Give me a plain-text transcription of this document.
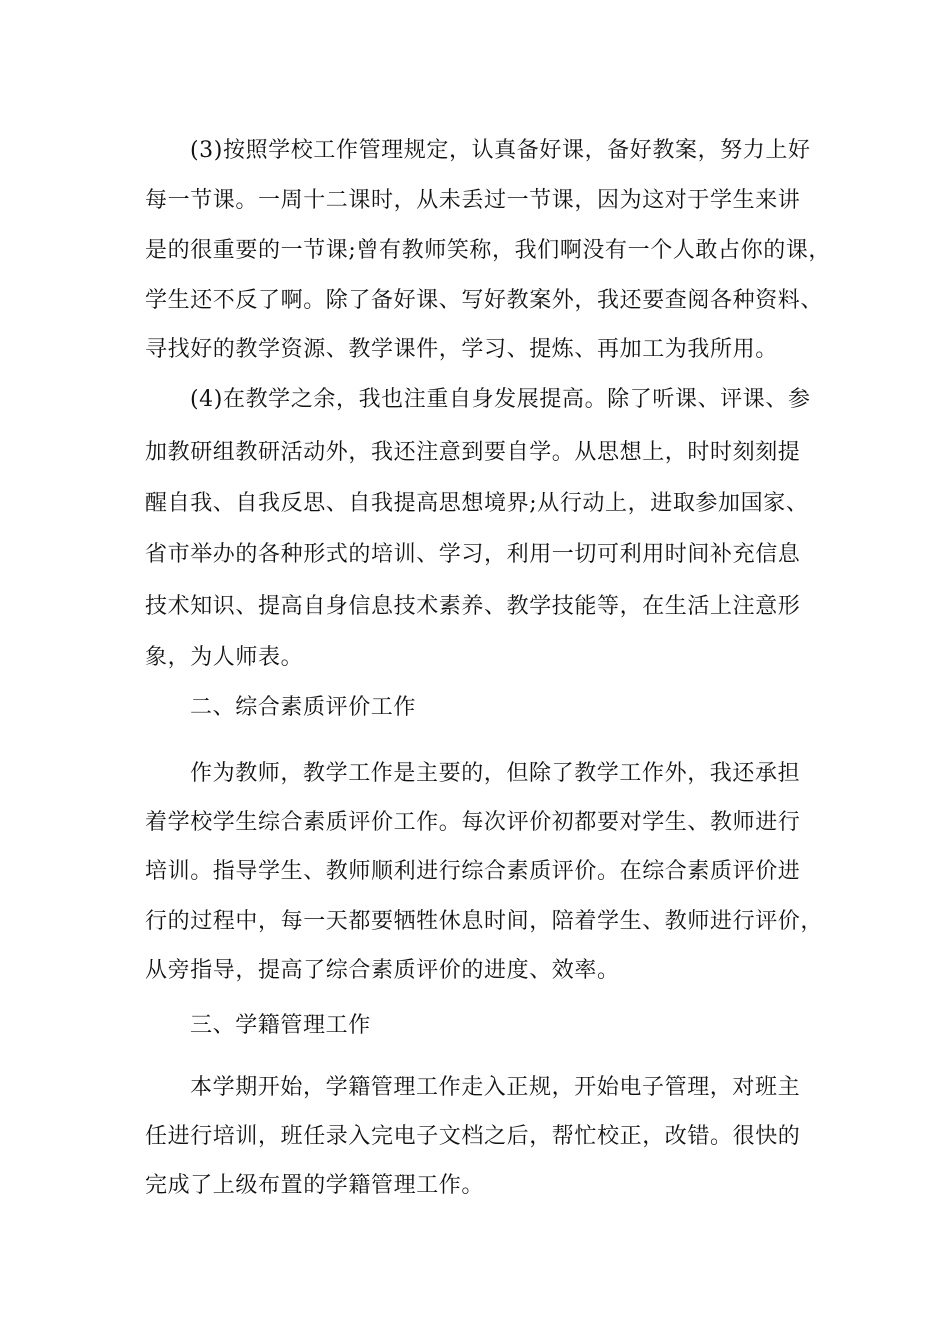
(3)按照学校工作管理规定，认真备好课，备好教案，努力上好
每一节课。一周十二课时，从未丢过一节课，因为这对于学生来讲
是的很重要的一节课;曾有教师笑称，我们啊没有一个人敢占你的课，
学生还不反了啊。除了备好课、写好教案外，我还要查阅各种资料、
寻找好的教学资源、教学课件，学习、提炼、再加工为我所用。
(4)在教学之余，我也注重自身发展提高。除了听课、评课、参
加教研组教研活动外，我还注意到要自学。从思想上，时时刻刻提
醒自我、自我反思、自我提高思想境界;从行动上，进取参加国家、
省市举办的各种形式的培训、学习，利用一切可利用时间补充信息
技术知识、提高自身信息技术素养、教学技能等，在生活上注意形
象，为人师表。
二、综合素质评价工作
作为教师，教学工作是主要的，但除了教学工作外，我还承担
着学校学生综合素质评价工作。每次评价初都要对学生、教师进行
培训。指导学生、教师顺利进行综合素质评价。在综合素质评价进
行的过程中，每一天都要牺牲休息时间，陪着学生、教师进行评价，
从旁指导，提高了综合素质评价的进度、效率。
三、学籍管理工作
本学期开始，学籍管理工作走入正规，开始电子管理，对班主
任进行培训，班任录入完电子文档之后，帮忙校正，改错。很快的
完成了上级布置的学籍管理工作。
